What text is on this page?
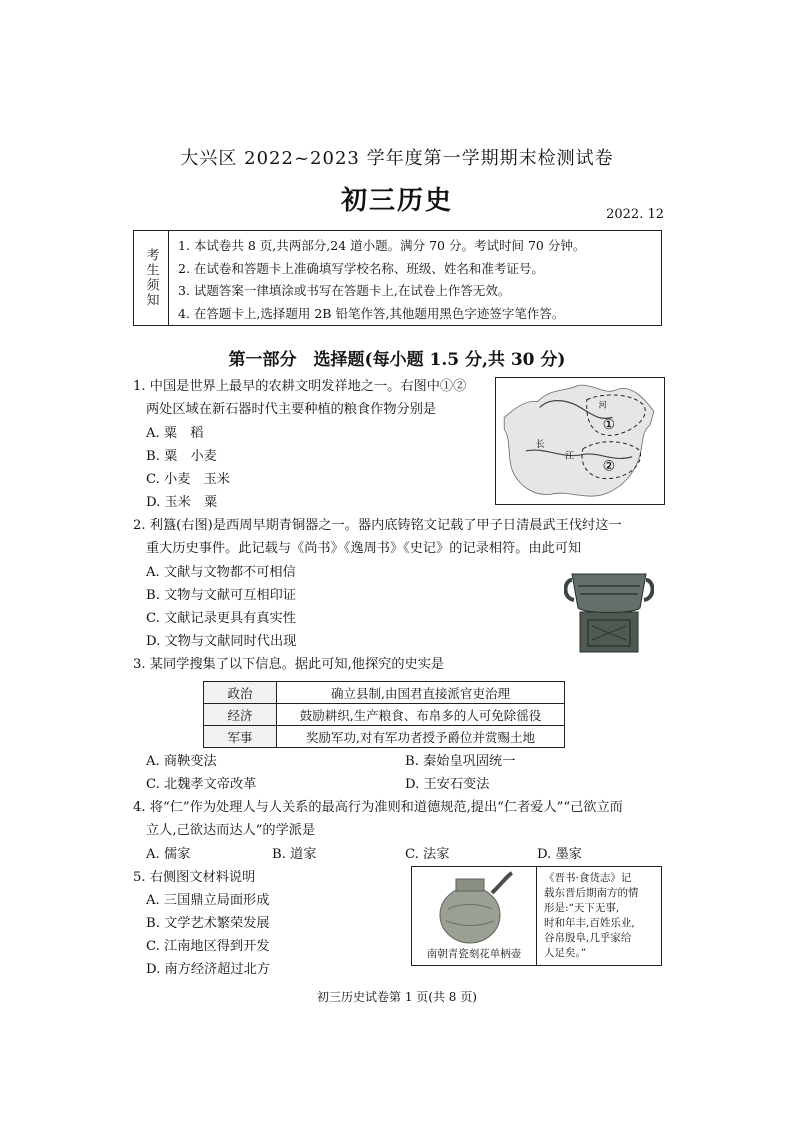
大兴区 2022~2023 学年度第一学期期末检测试卷
初三历史	2022. 12
考生须知
1. 本试卷共 8 页,共两部分,24 道小题。满分 70 分。考试时间 70 分钟。
2. 在试卷和答题卡上准确填写学校名称、班级、姓名和准考证号。
3. 试题答案一律填涂或书写在答题卡上,在试卷上作答无效。
4. 在答题卡上,选择题用 2B 铅笔作答,其他题用黑色字迹签字笔作答。
第一部分　选择题(每小题 1.5 分,共 30 分)
1. 中国是世界上最早的农耕文明发祥地之一。右图中①②
两处区域在新石器时代主要种植的粮食作物分别是
A. 粟　稻
B. 粟　小麦
C. 小麦　玉米
D. 玉米　粟
河
长
江
①
②
2. 利簋(右图)是西周早期青铜器之一。器内底铸铭文记载了甲子日清晨武王伐纣这一
重大历史事件。此记载与《尚书》《逸周书》《史记》的记录相符。由此可知
A. 文献与文物都不可相信
B. 文物与文献可互相印证
C. 文献记录更具有真实性
D. 文物与文献同时代出现
3. 某同学搜集了以下信息。据此可知,他探究的史实是
政治	确立县制,由国君直接派官吏治理
经济	鼓励耕织,生产粮食、布帛多的人可免除徭役
军事	奖励军功,对有军功者授予爵位并赏赐土地
A. 商鞅变法	B. 秦始皇巩固统一
C. 北魏孝文帝改革	D. 王安石变法
4. 将“仁”作为处理人与人关系的最高行为准则和道德规范,提出“仁者爱人”“己欲立而
立人,己欲达而达人”的学派是
A. 儒家	B. 道家	C. 法家	D. 墨家
5. 右侧图文材料说明
A. 三国鼎立局面形成
B. 文学艺术繁荣发展
C. 江南地区得到开发
D. 南方经济超过北方
南朝青瓷刻花单柄壶
《晋书·食货志》记
载东晋后期南方的情
形是:“天下无事,
时和年丰,百姓乐业,
谷帛殷阜,几乎家给
人足矣。”
初三历史试卷第 1 页(共 8 页)
